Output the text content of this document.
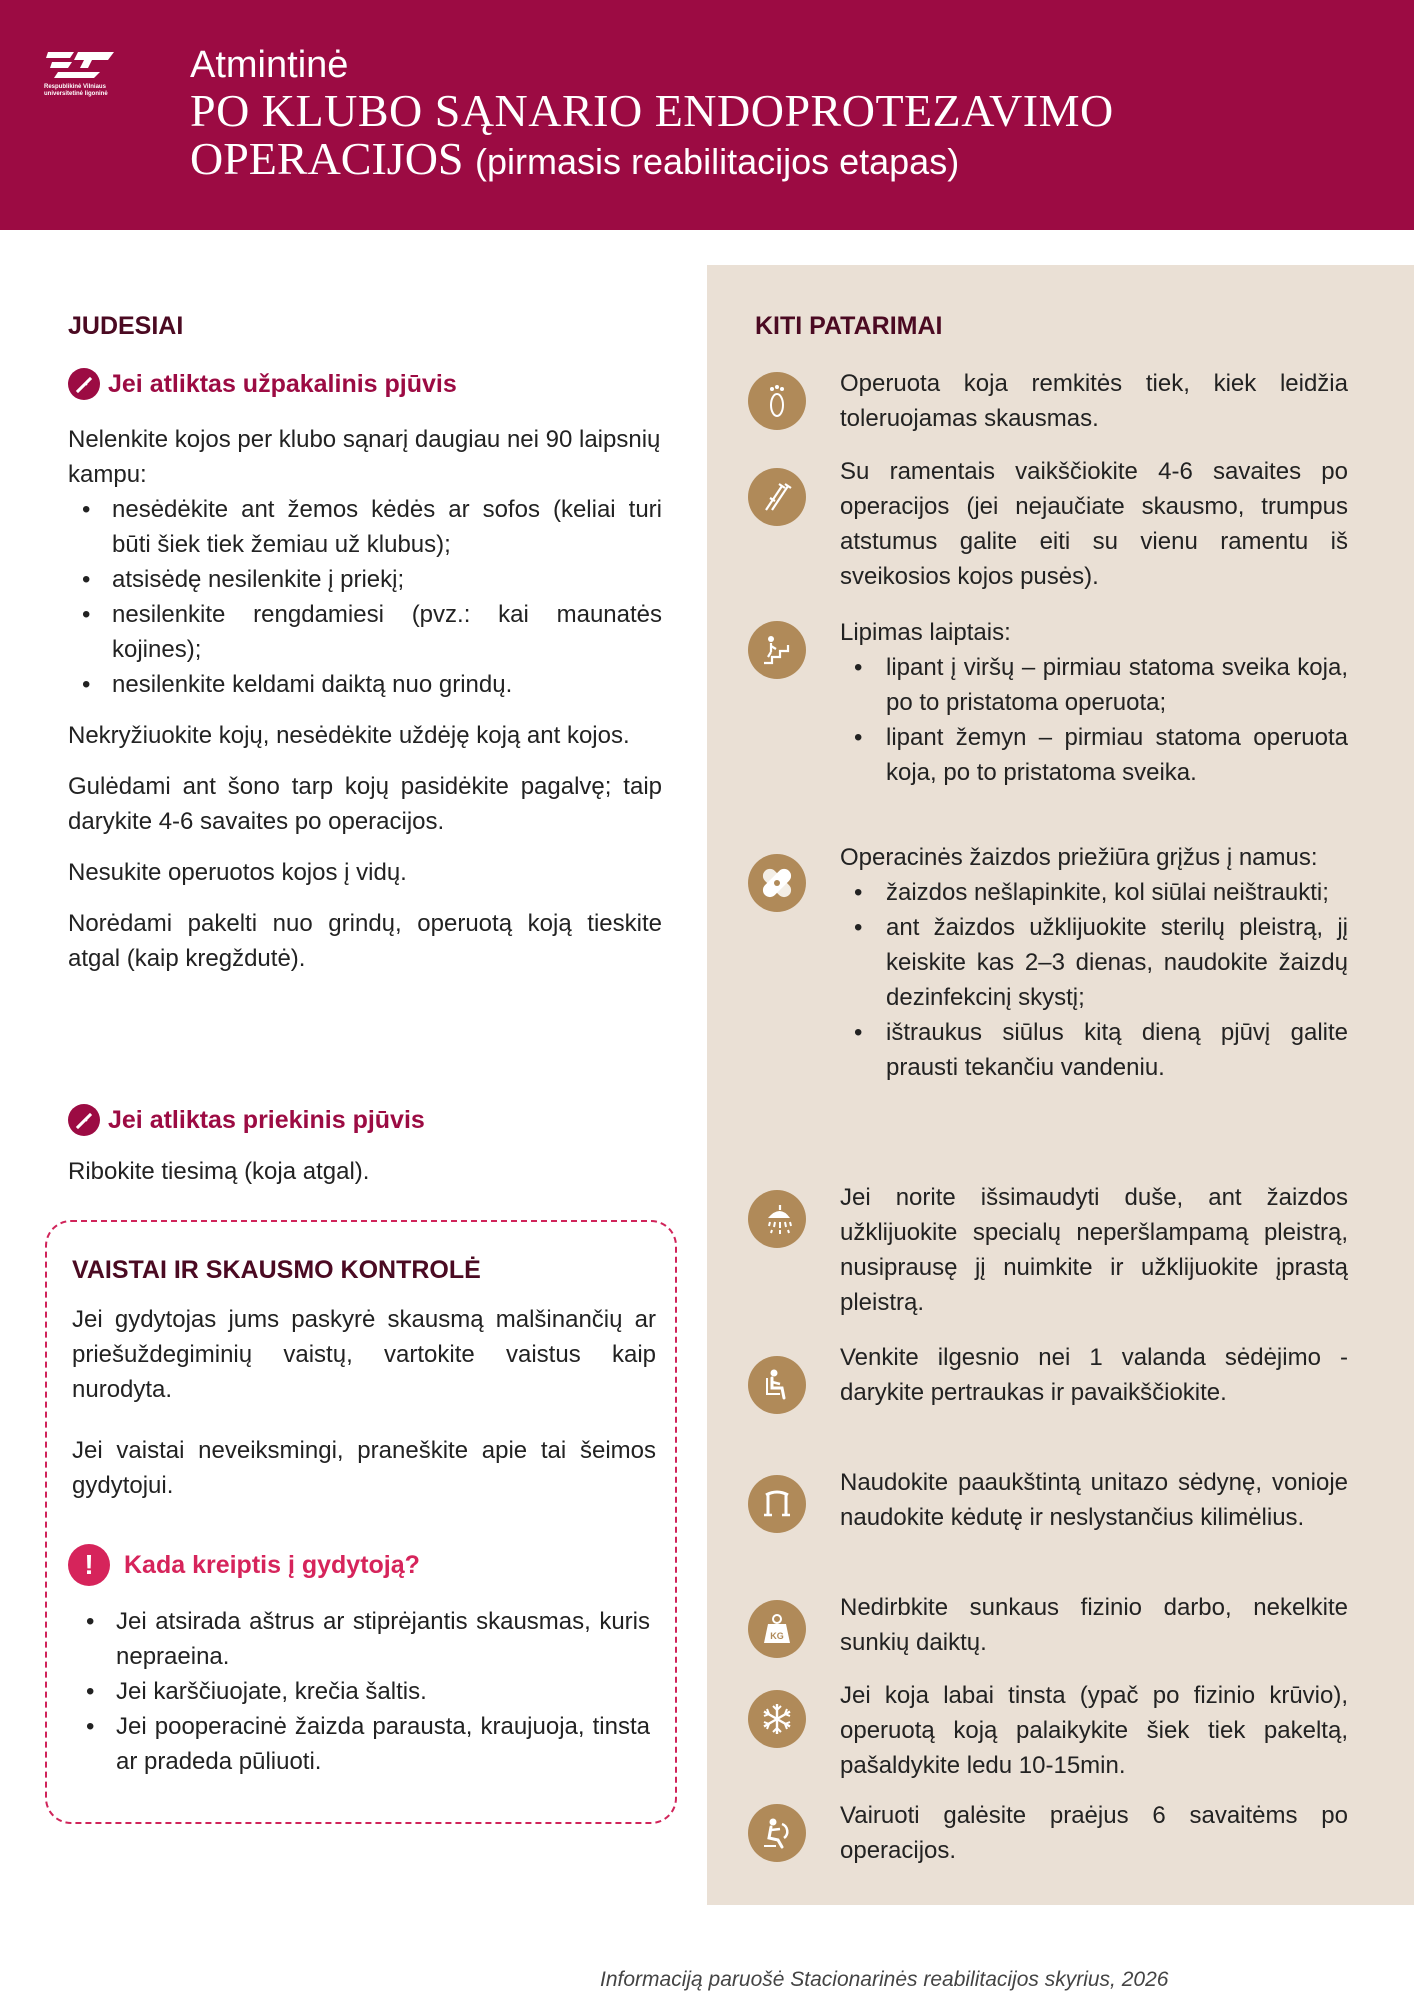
Respublikinė Vilniaus universitetinė ligoninė
Atmintinė
PO KLUBO SĄNARIO ENDOPROTEZAVIMO
OPERACIJOS (pirmasis reabilitacijos etapas)
JUDESIAI
Jei atliktas užpakalinis pjūvis
Nelenkite kojos per klubo sąnarį daugiau nei 90 laipsnių kampu:
• nesėdėkite ant žemos kėdės ar sofos (keliai turi būti šiek tiek žemiau už klubus);
• atsisėdę nesilenkite į priekį;
• nesilenkite rengdamiesi (pvz.: kai maunatės kojines);
• nesilenkite keldami daiktą nuo grindų.
Nekryžiuokite kojų, nesėdėkite uždėję koją ant kojos.
Gulėdami ant šono tarp kojų pasidėkite pagalvę; taip darykite 4-6 savaites po operacijos.
Nesukite operuotos kojos į vidų.
Norėdami pakelti nuo grindų, operuotą koją tieskite atgal (kaip kregždutė).
Jei atliktas priekinis pjūvis
Ribokite tiesimą (koja atgal).
VAISTAI IR SKAUSMO KONTROLĖ
Jei gydytojas jums paskyrė skausmą malšinančių ar priešuždegiminių vaistų, vartokite vaistus kaip nurodyta.
Jei vaistai neveiksmingi, praneškite apie tai šeimos gydytojui.
!	Kada kreiptis į gydytoją?
• Jei atsirada aštrus ar stiprėjantis skausmas, kuris nepraeina.
• Jei karščiuojate, krečia šaltis.
• Jei pooperacinė žaizda parausta, kraujuoja, tinsta ar pradeda pūliuoti.
KITI PATARIMAI
Operuota koja remkitės tiek, kiek leidžia toleruojamas skausmas.
Su ramentais vaikščiokite 4-6 savaites po operacijos (jei nejaučiate skausmo, trumpus atstumus galite eiti su vienu ramentu iš sveikosios kojos pusės).
Lipimas laiptais:
• lipant į viršų – pirmiau statoma sveika koja, po to pristatoma operuota;
• lipant žemyn – pirmiau statoma operuota koja, po to pristatoma sveika.
Operacinės žaizdos priežiūra grįžus į namus:
• žaizdos nešlapinkite, kol siūlai neištraukti;
• ant žaizdos užklijuokite sterilų pleistrą, jį keiskite kas 2–3 dienas, naudokite žaizdų dezinfekcinį skystį;
• ištraukus siūlus kitą dieną pjūvį galite prausti tekančiu vandeniu.
Jei norite išsimaudyti duše, ant žaizdos užklijuokite specialų neperšlampamą pleistrą, nusiprausę jį nuimkite ir užklijuokite įprastą pleistrą.
Venkite ilgesnio nei 1 valanda sėdėjimo - darykite pertraukas ir pavaikščiokite.
Naudokite paaukštintą unitazo sėdynę, vonioje naudokite kėdutę ir neslystančius kilimėlius.
KG
Nedirbkite sunkaus fizinio darbo, nekelkite sunkių daiktų.
Jei koja labai tinsta (ypač po fizinio krūvio), operuotą koją palaikykite šiek tiek pakeltą, pašaldykite ledu 10-15min.
Vairuoti galėsite praėjus 6 savaitėms po operacijos.
Informaciją paruošė Stacionarinės reabilitacijos skyrius, 2026
